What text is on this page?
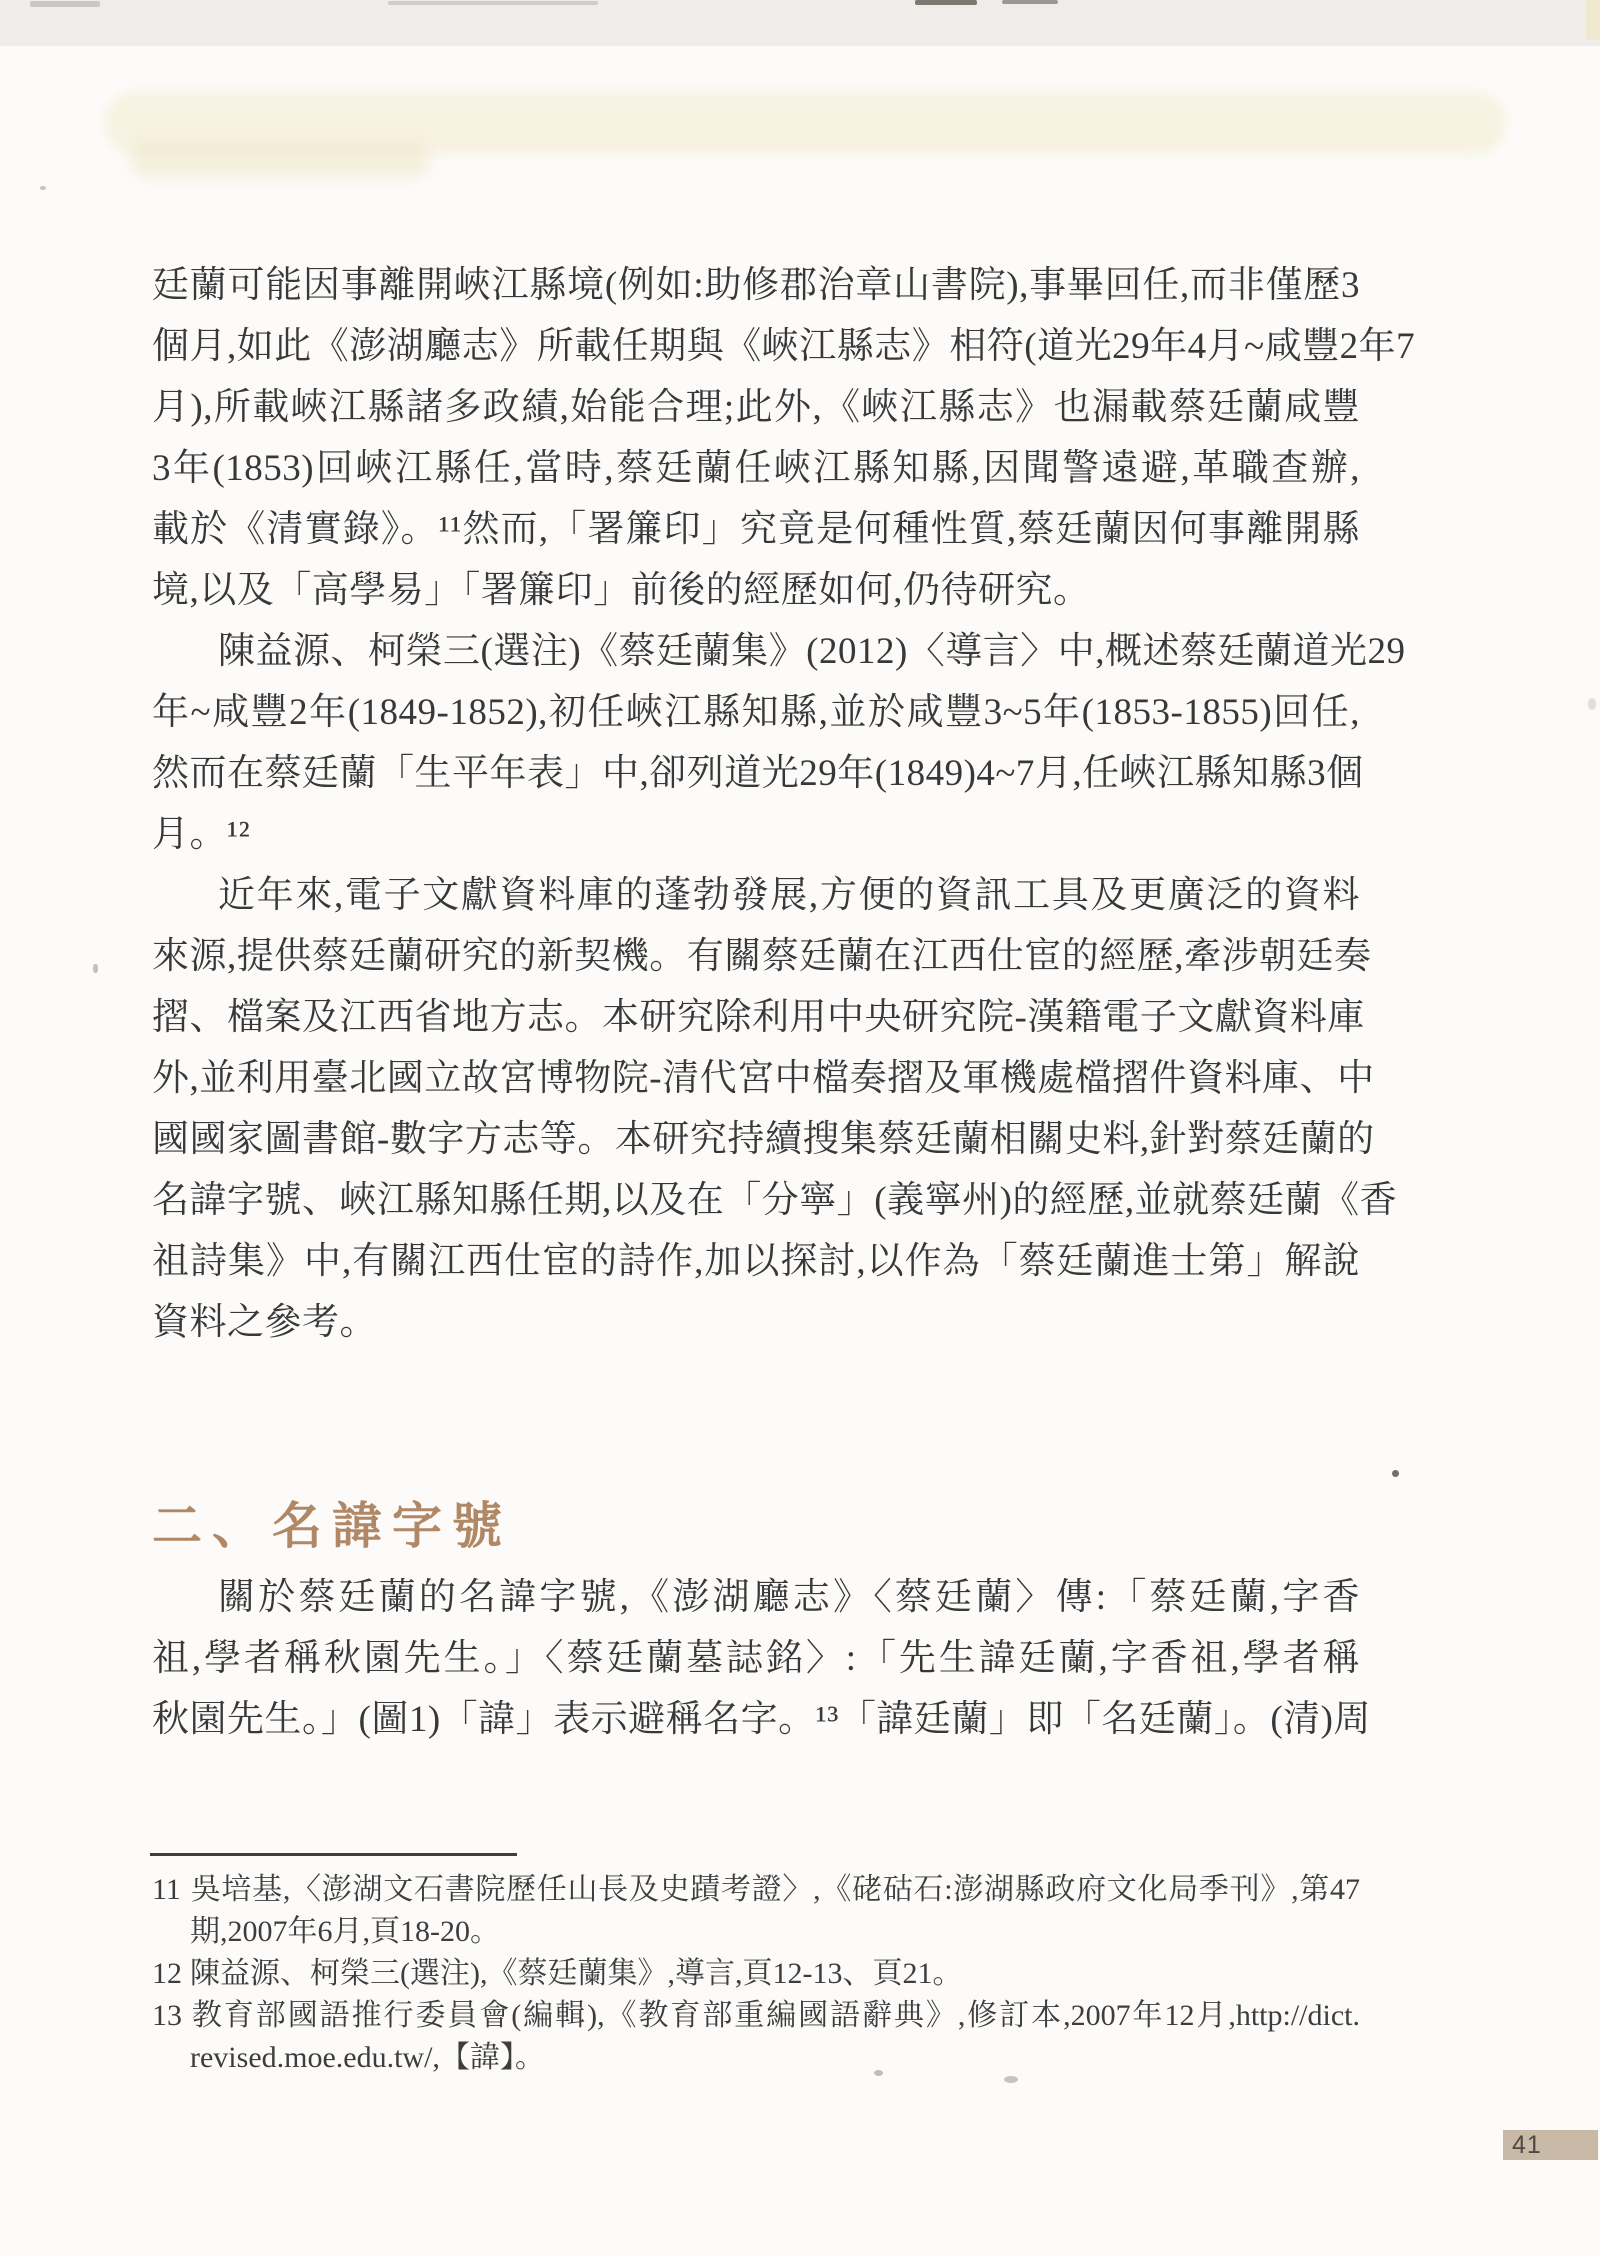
廷蘭可能因事離開峽江縣境(例如:助修郡治章山書院),事畢回任,而非僅歷3
個月,如此《澎湖廳志》所載任期與《峽江縣志》相符(道光29年4月~咸豐2年7
月),所載峽江縣諸多政績,始能合理;此外,《峽江縣志》也漏載蔡廷蘭咸豐
3年(1853)回峽江縣任,當時,蔡廷蘭任峽江縣知縣,因聞警遠避,革職查辦,
載於《清實錄》。¹¹然而,「署簾印」究竟是何種性質,蔡廷蘭因何事離開縣
境,以及「高學易」「署簾印」前後的經歷如何,仍待研究。
陳益源、柯榮三(選注)《蔡廷蘭集》(2012)〈導言〉中,概述蔡廷蘭道光29
年~咸豐2年(1849-1852),初任峽江縣知縣,並於咸豐3~5年(1853-1855)回任,
然而在蔡廷蘭「生平年表」中,卻列道光29年(1849)4~7月,任峽江縣知縣3個
月。¹²
近年來,電子文獻資料庫的蓬勃發展,方便的資訊工具及更廣泛的資料
來源,提供蔡廷蘭研究的新契機。有關蔡廷蘭在江西仕宦的經歷,牽涉朝廷奏
摺、檔案及江西省地方志。本研究除利用中央研究院-漢籍電子文獻資料庫
外,並利用臺北國立故宮博物院-清代宮中檔奏摺及軍機處檔摺件資料庫、中
國國家圖書館-數字方志等。本研究持續搜集蔡廷蘭相關史料,針對蔡廷蘭的
名諱字號、峽江縣知縣任期,以及在「分寧」(義寧州)的經歷,並就蔡廷蘭《香
祖詩集》中,有關江西仕宦的詩作,加以探討,以作為「蔡廷蘭進士第」解說
資料之參考。
二、名諱字號
關於蔡廷蘭的名諱字號,《澎湖廳志》〈蔡廷蘭〉傳:「蔡廷蘭,字香
祖,學者稱秋園先生。」〈蔡廷蘭墓誌銘〉:「先生諱廷蘭,字香祖,學者稱
秋園先生。」(圖1)「諱」表示避稱名字。¹³「諱廷蘭」即「名廷蘭」。(清)周
11 吳培基,〈澎湖文石書院歷任山長及史蹟考證〉,《硓𥑮石:澎湖縣政府文化局季刊》,第47
期,2007年6月,頁18-20。
12 陳益源、柯榮三(選注),《蔡廷蘭集》,導言,頁12-13、頁21。
13 教育部國語推行委員會(編輯),《教育部重編國語辭典》,修訂本,2007年12月,http://dict.
revised.moe.edu.tw/,【諱】。
41
